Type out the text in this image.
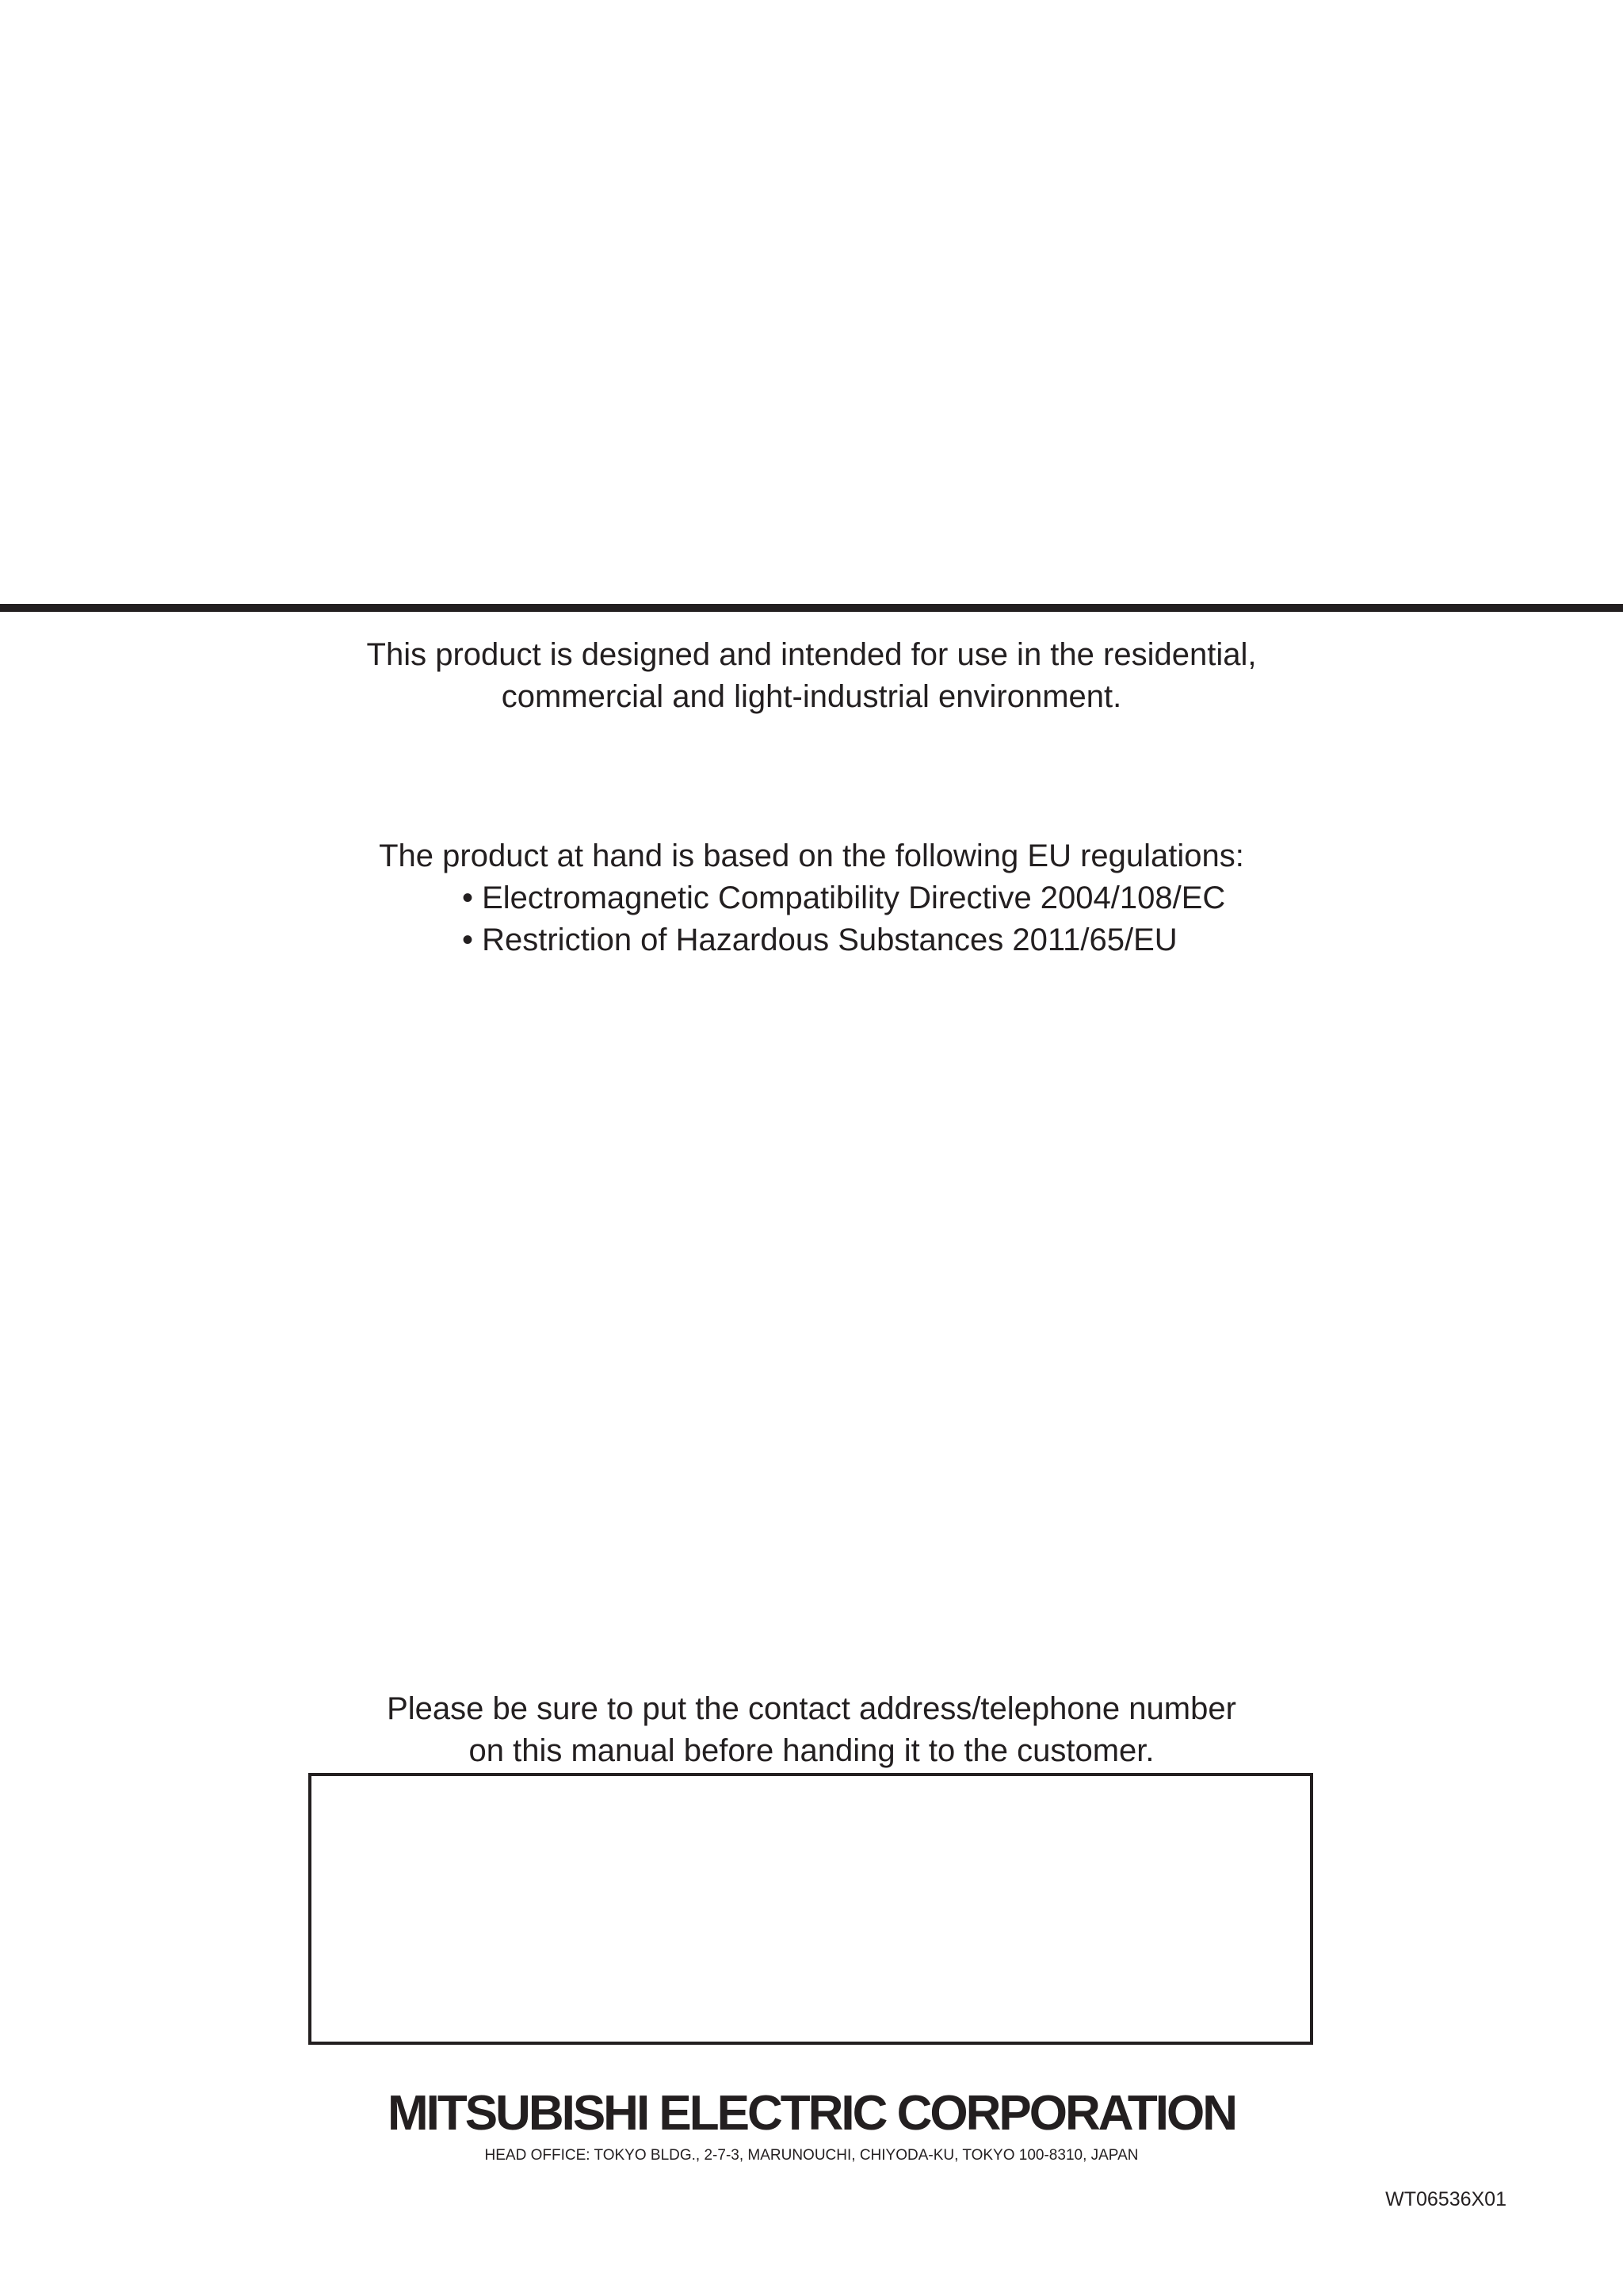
This product is designed and intended for use in the residential,
commercial and light-industrial environment.

The product at hand is based on the following EU regulations:

• Electromagnetic Compatibility Directive 2004/108/EC
• Restriction of Hazardous Substances 2011/65/EU

Please be sure to put the contact address/telephone number
on this manual before handing it to the customer.

MITSUBISHI ELECTRIC CORPORATION

HEAD OFFICE: TOKYO BLDG., 2-7-3, MARUNOUCHI, CHIYODA-KU, TOKYO 100-8310, JAPAN

WT06536X01
